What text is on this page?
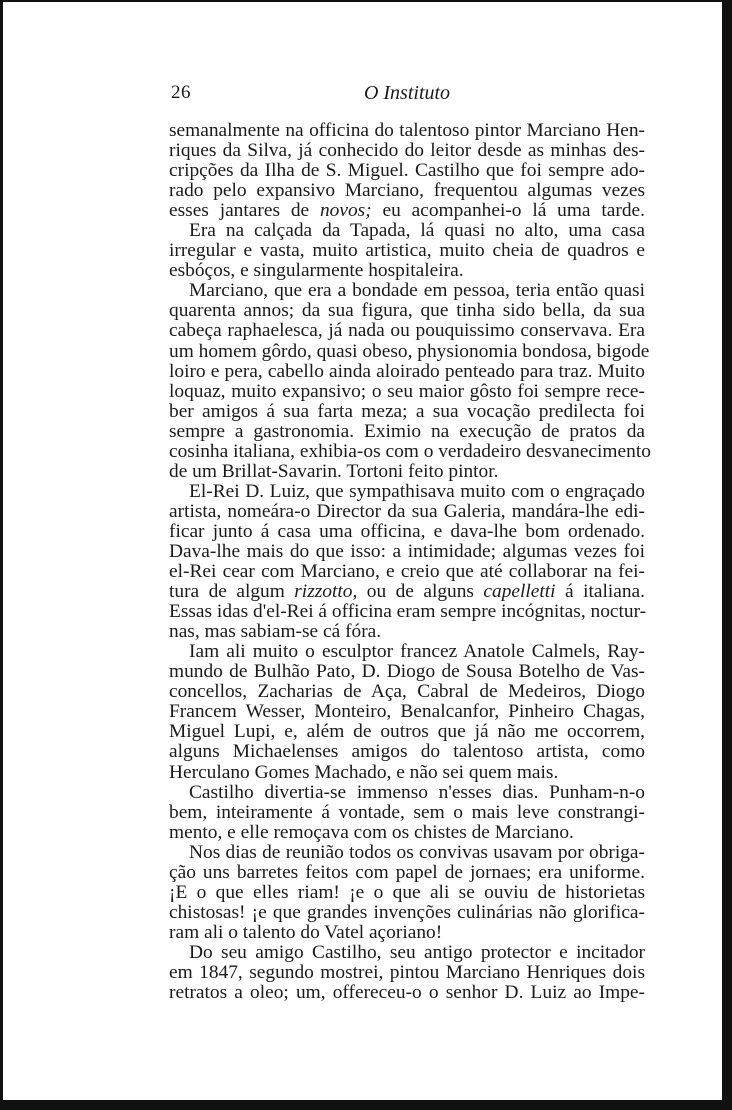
26	O Instituto
semanalmente na officina do talentoso pintor Marciano Hen-
riques da Silva, já conhecido do leitor desde as minhas des-
cripções da Ilha de S. Miguel. Castilho que foi sempre ado-
rado pelo expansivo Marciano, frequentou algumas vezes
esses jantares de novos; eu acompanhei-o lá uma tarde.
Era na calçada da Tapada, lá quasi no alto, uma casa
irregular e vasta, muito artistica, muito cheia de quadros e
esbóços, e singularmente hospitaleira.
Marciano, que era a bondade em pessoa, teria então quasi
quarenta annos; da sua figura, que tinha sido bella, da sua
cabeça raphaelesca, já nada ou pouquissimo conservava. Era
um homem gôrdo, quasi obeso, physionomia bondosa, bigode
loiro e pera, cabello ainda aloirado penteado para traz. Muito
loquaz, muito expansivo; o seu maior gôsto foi sempre rece-
ber amigos á sua farta meza; a sua vocação predilecta foi
sempre a gastronomia. Eximio na execução de pratos da
cosinha italiana, exhibia-os com o verdadeiro desvanecimento
de um Brillat-Savarin. Tortoni feito pintor.
El-Rei D. Luiz, que sympathisava muito com o engraçado
artista, nomeára-o Director da sua Galeria, mandára-lhe edi-
ficar junto á casa uma officina, e dava-lhe bom ordenado.
Dava-lhe mais do que isso: a intimidade; algumas vezes foi
el-Rei cear com Marciano, e creio que até collaborar na fei-
tura de algum rizzotto, ou de alguns capelletti á italiana.
Essas idas d'el-Rei á officina eram sempre incógnitas, noctur-
nas, mas sabiam-se cá fóra.
Iam ali muito o esculptor francez Anatole Calmels, Ray-
mundo de Bulhão Pato, D. Diogo de Sousa Botelho de Vas-
concellos, Zacharias de Aça, Cabral de Medeiros, Diogo
Francem Wesser, Monteiro, Benalcanfor, Pinheiro Chagas,
Miguel Lupi, e, além de outros que já não me occorrem,
alguns Michaelenses amigos do talentoso artista, como
Herculano Gomes Machado, e não sei quem mais.
Castilho divertia-se immenso n'esses dias. Punham-n-o
bem, inteiramente á vontade, sem o mais leve constrangi-
mento, e elle remoçava com os chistes de Marciano.
Nos dias de reunião todos os convivas usavam por obriga-
ção uns barretes feitos com papel de jornaes; era uniforme.
¡E o que elles riam! ¡e o que ali se ouviu de historietas
chistosas! ¡e que grandes invenções culinárias não glorifica-
ram ali o talento do Vatel açoriano!
Do seu amigo Castilho, seu antigo protector e incitador
em 1847, segundo mostrei, pintou Marciano Henriques dois
retratos a oleo; um, offereceu-o o senhor D. Luiz ao Impe-
